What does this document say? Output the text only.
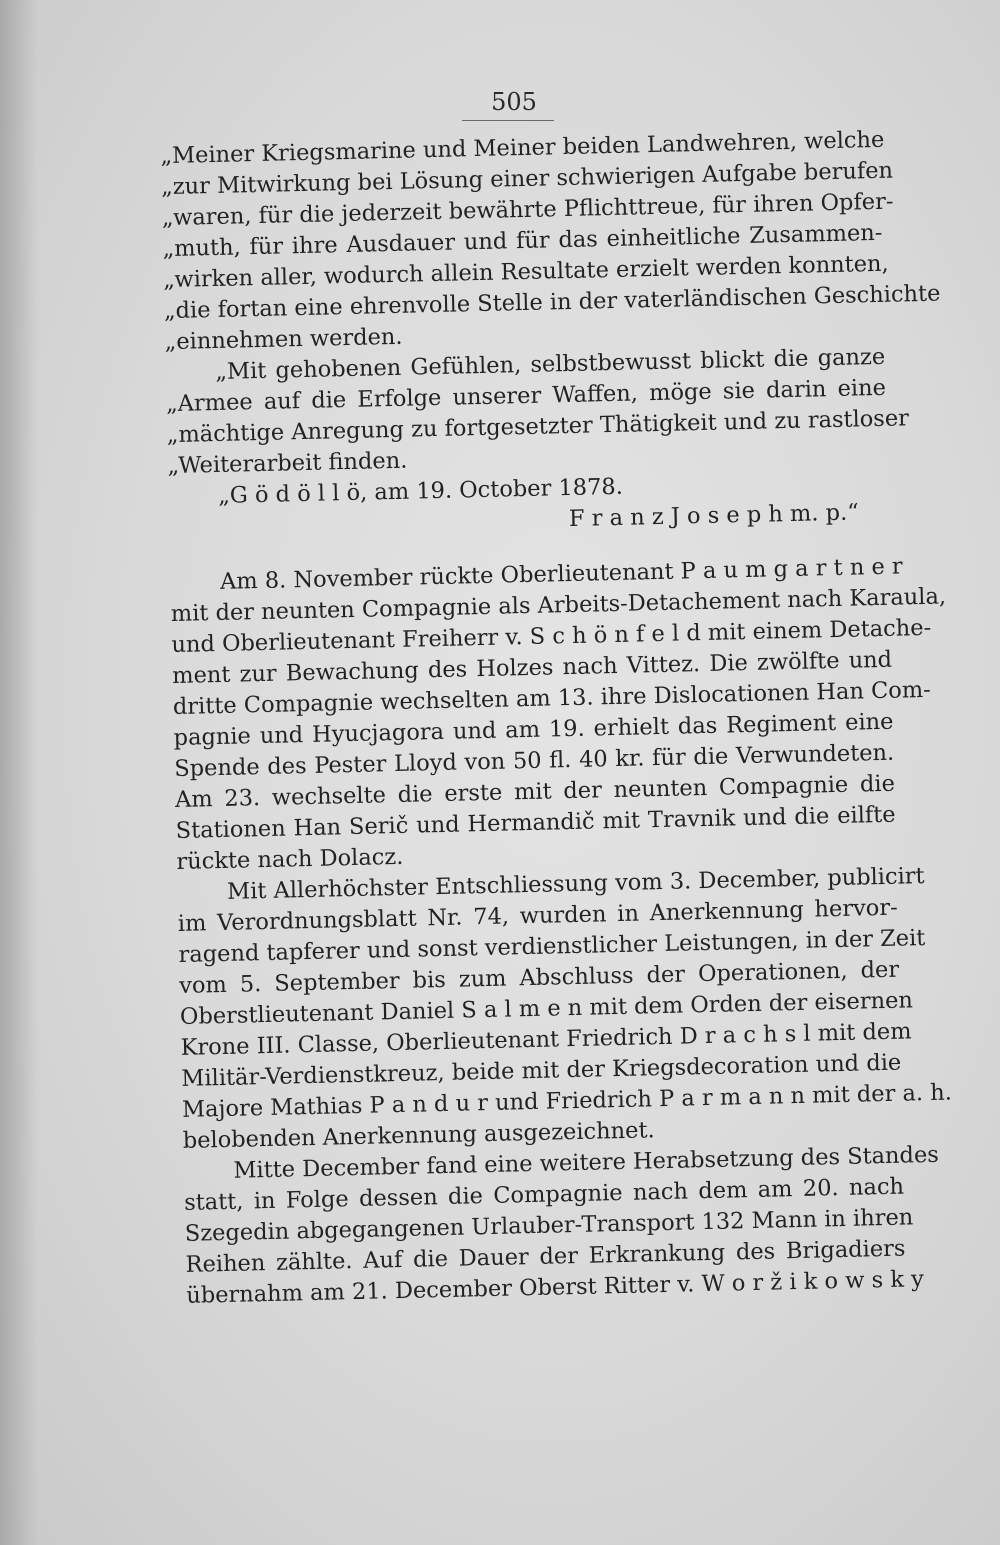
505
„Meiner Kriegsmarine und Meiner beiden Landwehren, welche
„zur Mitwirkung bei Lösung einer schwierigen Aufgabe berufen
„waren, für die jederzeit bewährte Pflichttreue, für ihren Opfer-
„muth, für ihre Ausdauer und für das einheitliche Zusammen-
„wirken aller, wodurch allein Resultate erzielt werden konnten,
„die fortan eine ehrenvolle Stelle in der vaterländischen Geschichte
„einnehmen werden.
„Mit gehobenen Gefühlen, selbstbewusst blickt die ganze
„Armee auf die Erfolge unserer Waffen, möge sie darin eine
„mächtige Anregung zu fortgesetzter Thätigkeit und zu rastloser
„Weiterarbeit finden.
„G ö d ö l l ö, am 19. October 1878.
F r a n z J o s e p h m. p.“
Am 8. November rückte Oberlieutenant P a u m g a r t n e r
mit der neunten Compagnie als Arbeits-Detachement nach Karaula,
und Oberlieutenant Freiherr v. S c h ö n f e l d mit einem Detache-
ment zur Bewachung des Holzes nach Vittez. Die zwölfte und
dritte Compagnie wechselten am 13. ihre Dislocationen Han Com-
pagnie und Hyucjagora und am 19. erhielt das Regiment eine
Spende des Pester Lloyd von 50 fl. 40 kr. für die Verwundeten.
Am 23. wechselte die erste mit der neunten Compagnie die
Stationen Han Serič und Hermandič mit Travnik und die eilfte
rückte nach Dolacz.
Mit Allerhöchster Entschliessung vom 3. December, publicirt
im Verordnungsblatt Nr. 74, wurden in Anerkennung hervor-
ragend tapferer und sonst verdienstlicher Leistungen, in der Zeit
vom 5. September bis zum Abschluss der Operationen, der
Oberstlieutenant Daniel S a l m e n mit dem Orden der eisernen
Krone III. Classe, Oberlieutenant Friedrich D r a c h s l mit dem
Militär-Verdienstkreuz, beide mit der Kriegsdecoration und die
Majore Mathias P a n d u r und Friedrich P a r m a n n mit der a. h.
belobenden Anerkennung ausgezeichnet.
Mitte December fand eine weitere Herabsetzung des Standes
statt, in Folge dessen die Compagnie nach dem am 20. nach
Szegedin abgegangenen Urlauber-Transport 132 Mann in ihren
Reihen zählte. Auf die Dauer der Erkrankung des Brigadiers
übernahm am 21. December Oberst Ritter v. W o r ž i k o w s k y
